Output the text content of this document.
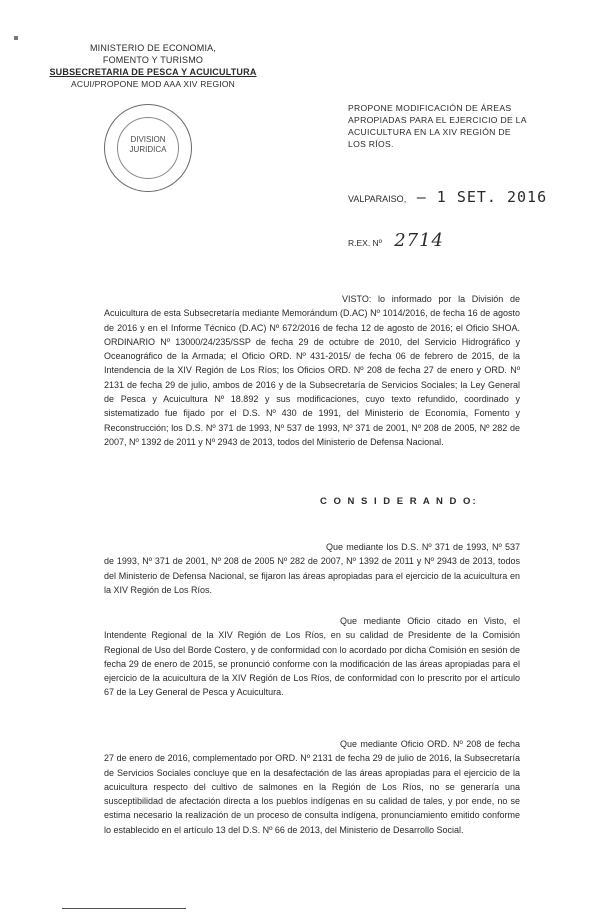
MINISTERIO DE ECONOMIA,
FOMENTO Y TURISMO
SUBSECRETARIA DE PESCA Y ACUICULTURA
ACUI/PROPONE MOD AAA XIV REGION
DIVISION
JURIDICA
PROPONE MODIFICACIÓN DE ÁREAS APROPIADAS PARA EL EJERCICIO DE LA ACUICULTURA EN LA XIV REGIÓN DE LOS RÍOS.
VALPARAISO, – 1 SET. 2016
R.EX. Nº 2714
VISTO: lo informado por la División de Acuicultura de esta Subsecretaría mediante Memorándum (D.AC) Nº 1014/2016, de fecha 16 de agosto de 2016 y en el Informe Técnico (D.AC) Nº 672/2016 de fecha 12 de agosto de 2016; el Oficio SHOA. ORDINARIO Nº 13000/24/235/SSP de fecha 29 de octubre de 2010, del Servicio Hidrográfico y Oceanográfico de la Armada; el Oficio ORD. Nº 431-2015/ de fecha 06 de febrero de 2015, de la Intendencia de la XIV Región de Los Ríos; los Oficios ORD. Nº 208 de fecha 27 de enero y ORD. Nº 2131 de fecha 29 de julio, ambos de 2016 y de la Subsecretaría de Servicios Sociales; la Ley General de Pesca y Acuicultura Nº 18.892 y sus modificaciones, cuyo texto refundido, coordinado y sistematizado fue fijado por el D.S. Nº 430 de 1991, del Ministerio de Economía, Fomento y Reconstrucción; los D.S. Nº 371 de 1993, Nº 537 de 1993, Nº 371 de 2001, Nº 208 de 2005, Nº 282 de 2007, Nº 1392 de 2011 y Nº 2943 de 2013, todos del Ministerio de Defensa Nacional.
C O N S I D E R A N D O:
Que mediante los D.S. Nº 371 de 1993, Nº 537 de 1993, Nº 371 de 2001, Nº 208 de 2005 Nº 282 de 2007, Nº 1392 de 2011 y Nº 2943 de 2013, todos del Ministerio de Defensa Nacional, se fijaron las áreas apropiadas para el ejercicio de la acuicultura en la XIV Región de Los Ríos.
Que mediante Oficio citado en Visto, el Intendente Regional de la XIV Región de Los Ríos, en su calidad de Presidente de la Comisión Regional de Uso del Borde Costero, y de conformidad con lo acordado por dicha Comisión en sesión de fecha 29 de enero de 2015, se pronunció conforme con la modificación de las áreas apropiadas para el ejercicio de la acuicultura de la XIV Región de Los Ríos, de conformidad con lo prescrito por el artículo 67 de la Ley General de Pesca y Acuicultura.
Que mediante Oficio ORD. Nº 208 de fecha 27 de enero de 2016, complementado por ORD. Nº 2131 de fecha 29 de julio de 2016, la Subsecretaría de Servicios Sociales concluye que en la desafectación de las áreas apropiadas para el ejercicio de la acuicultura respecto del cultivo de salmones en la Región de Los Ríos, no se generaría una susceptibilidad de afectación directa a los pueblos indígenas en su calidad de tales, y por ende, no se estima necesario la realización de un proceso de consulta indígena, pronunciamiento emitido conforme lo establecido en el artículo 13 del D.S. Nº 66 de 2013, del Ministerio de Desarrollo Social.
